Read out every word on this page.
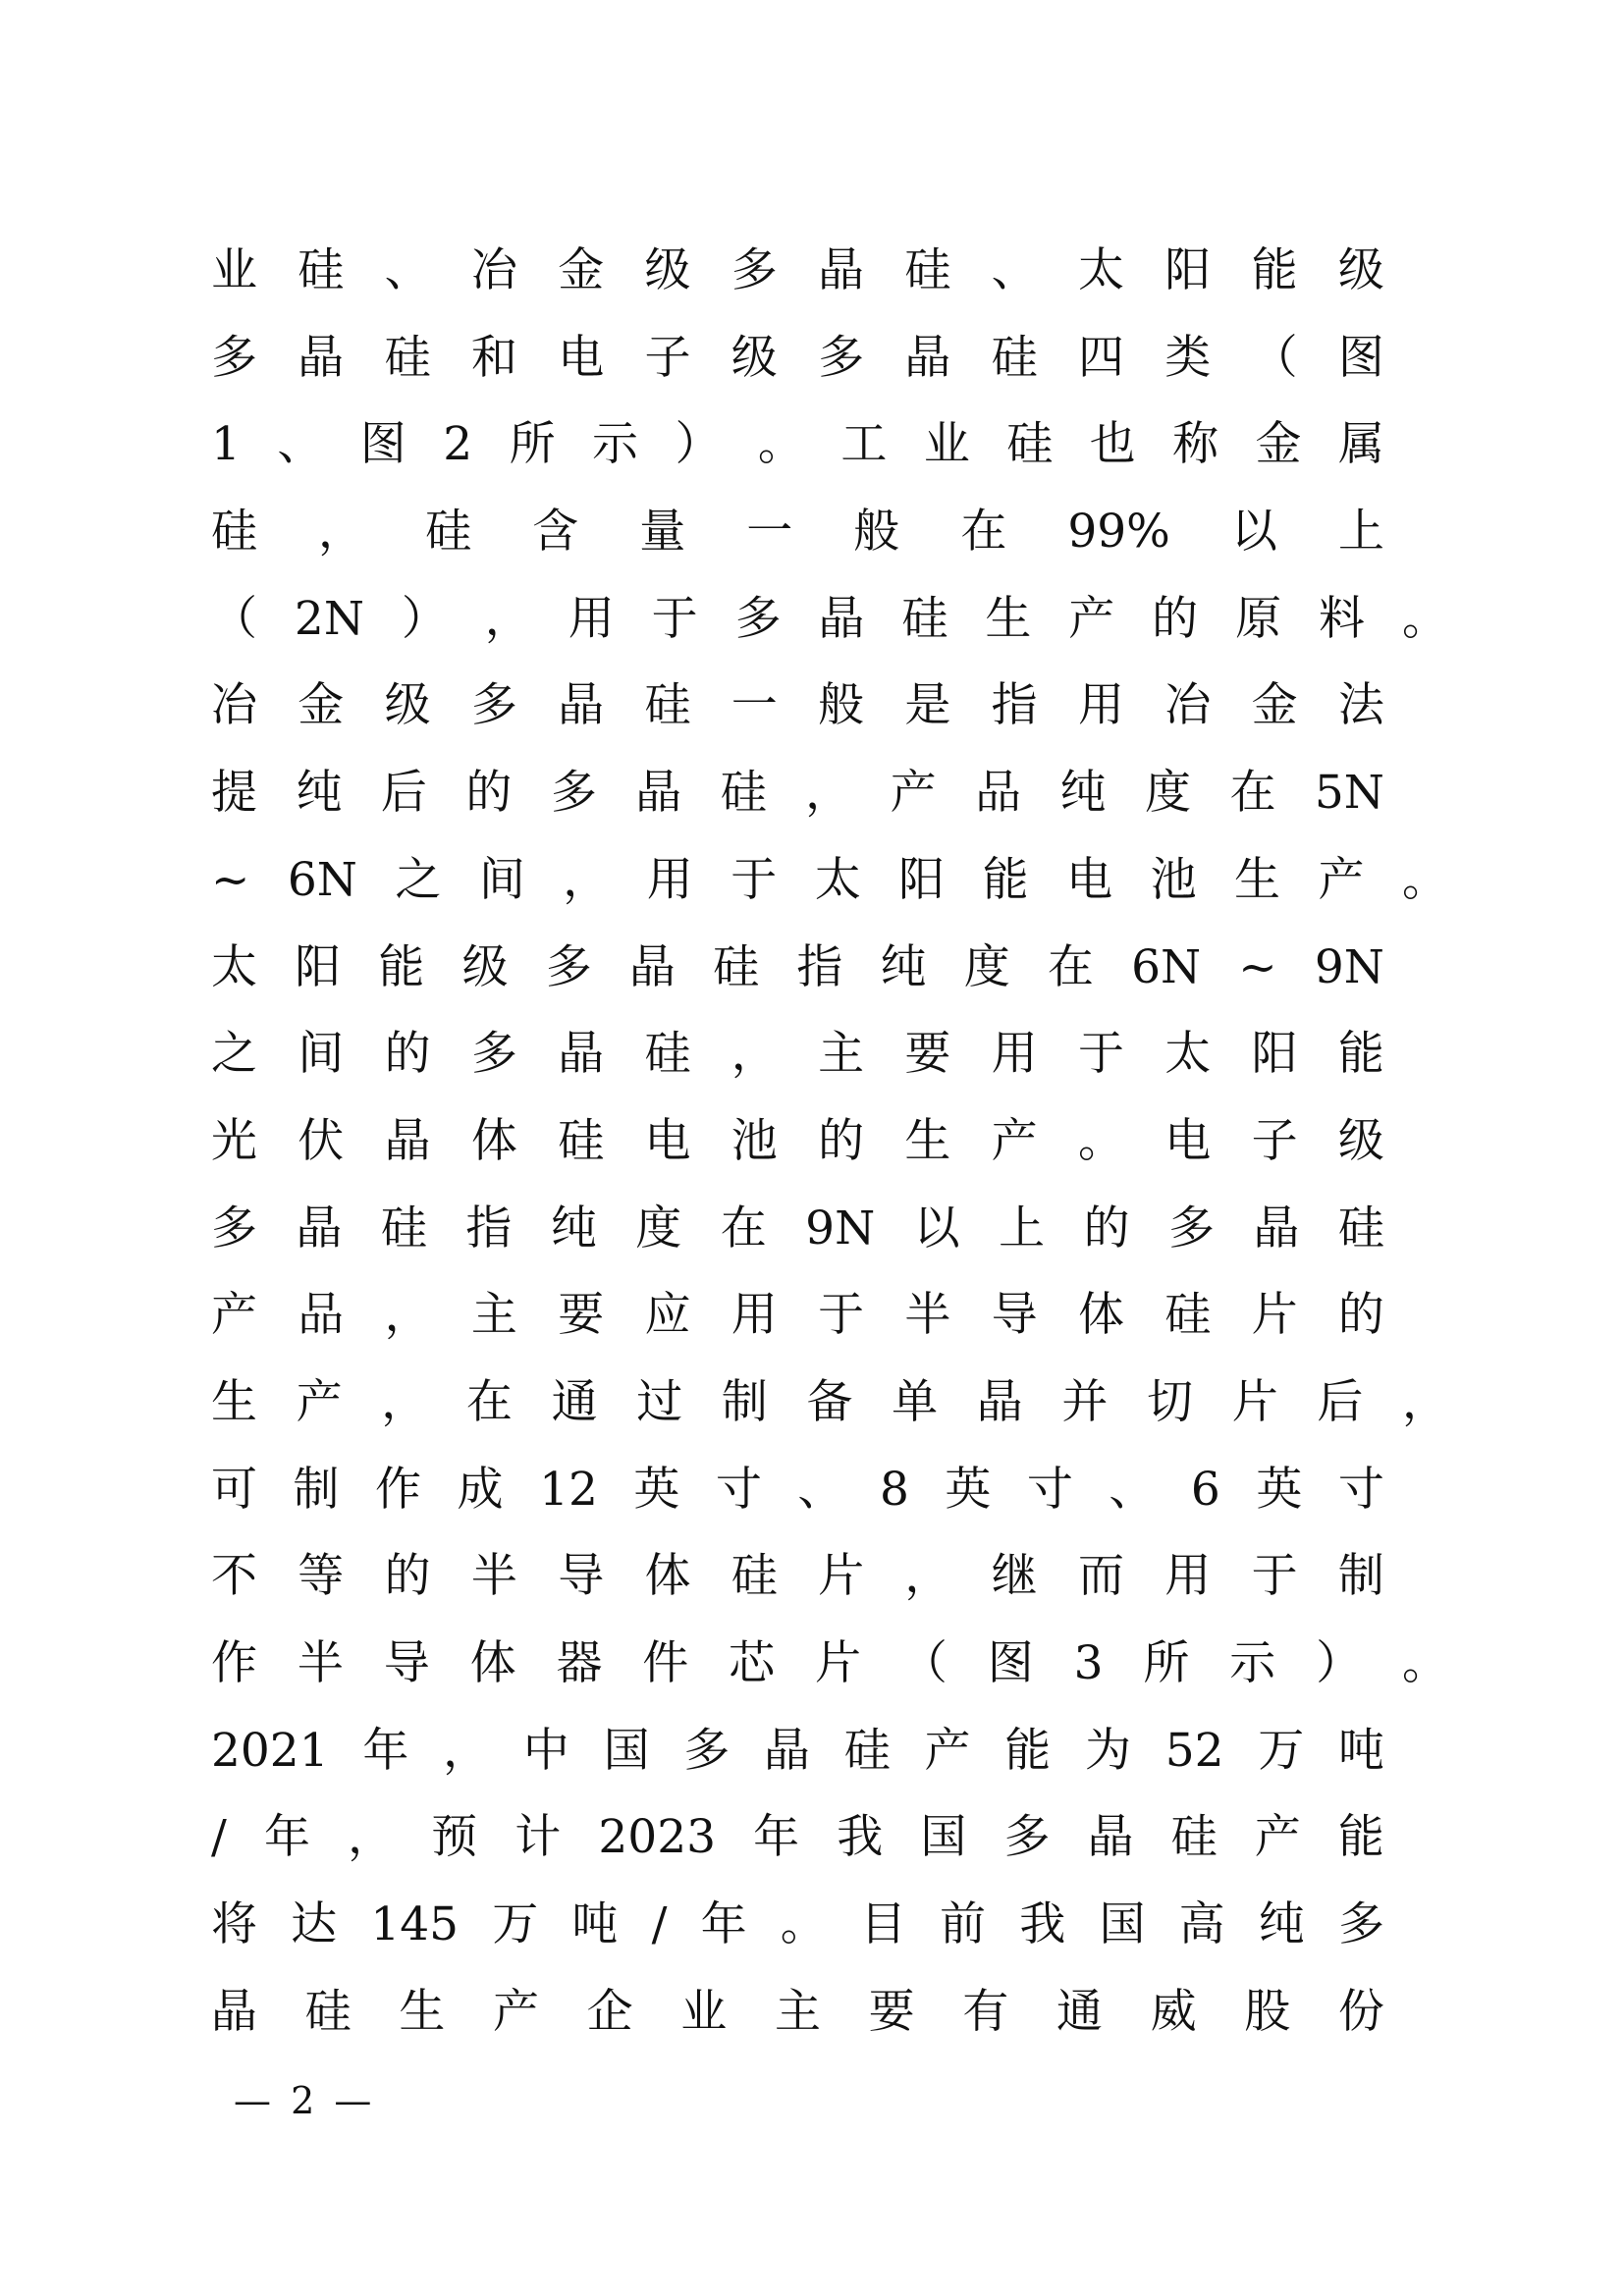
业 硅 、 冶 金 级 多 晶 硅 、 太 阳 能 级
多 晶 硅 和 电 子 级 多 晶 硅 四 类 （ 图
1 、 图 2 所 示 ） 。 工 业 硅 也 称 金 属
硅 ， 硅 含 量 一 般 在 99% 以 上
（ 2N ） ， 用 于 多 晶 硅 生 产 的 原 料 。
冶 金 级 多 晶 硅 一 般 是 指 用 冶 金 法
提 纯 后 的 多 晶 硅 ， 产 品 纯 度 在 5N
~ 6N 之 间 ， 用 于 太 阳 能 电 池 生 产 。
太 阳 能 级 多 晶 硅 指 纯 度 在 6N ~ 9N
之 间 的 多 晶 硅 ， 主 要 用 于 太 阳 能
光 伏 晶 体 硅 电 池 的 生 产 。 电 子 级
多 晶 硅 指 纯 度 在 9N 以 上 的 多 晶 硅
产 品 ， 主 要 应 用 于 半 导 体 硅 片 的
生 产 ， 在 通 过 制 备 单 晶 并 切 片 后 ，
可 制 作 成 12 英 寸 、 8 英 寸 、 6 英 寸
不 等 的 半 导 体 硅 片 ， 继 而 用 于 制
作 半 导 体 器 件 芯 片 （ 图 3 所 示 ） 。
2021 年 ， 中 国 多 晶 硅 产 能 为 52 万 吨
/ 年 ， 预 计 2023 年 我 国 多 晶 硅 产 能
将 达 145 万 吨 / 年 。 目 前 我 国 高 纯 多
晶 硅 生 产 企 业 主 要 有 通 威 股 份
— 2 —
